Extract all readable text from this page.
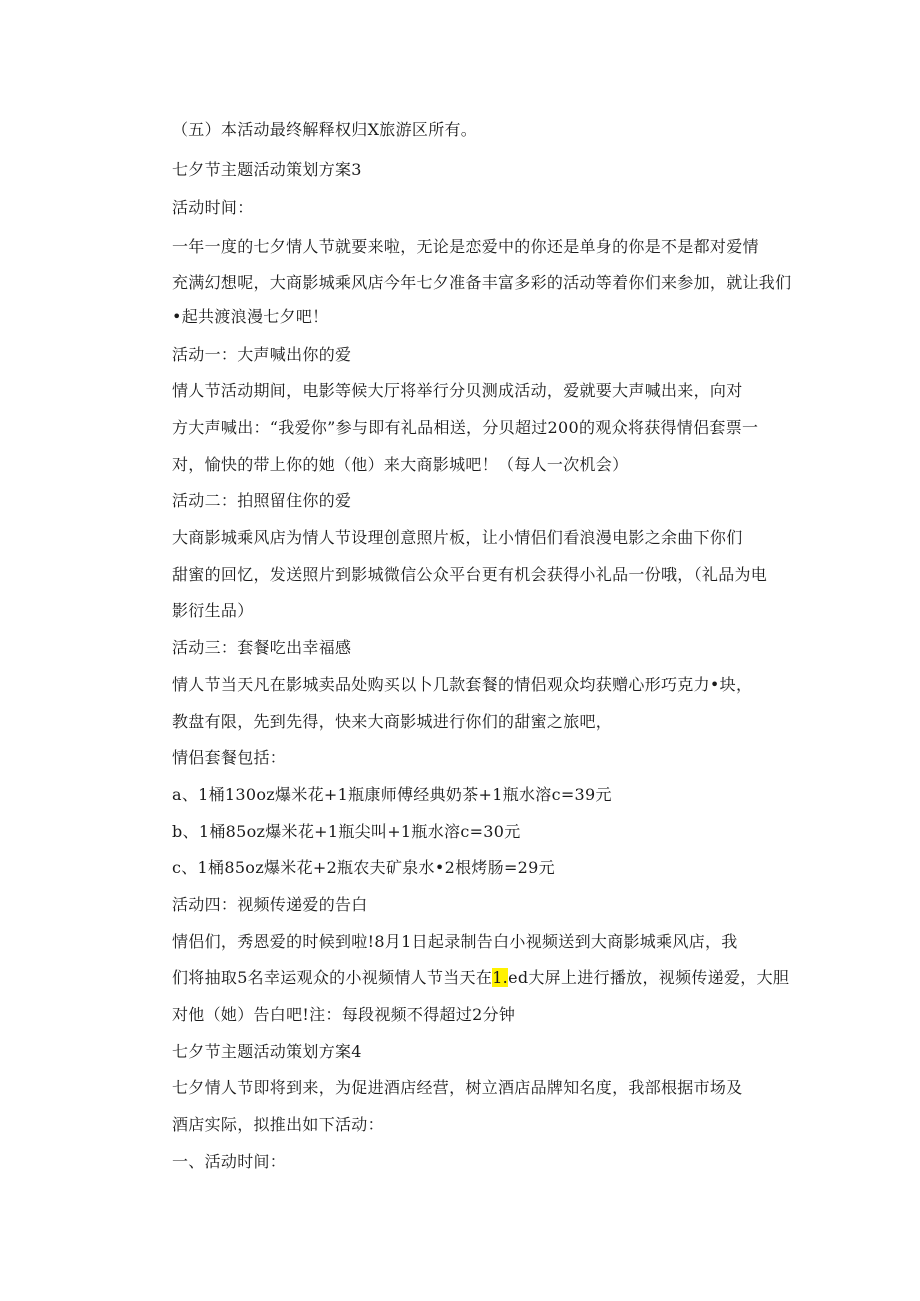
（五）本活动最终解释权归X旅游区所有。
七夕节主题活动策划方案3
活动时间：
一年一度的七夕情人节就要来啦，无论是恋爱中的你还是单身的你是不是都对爱情
充满幻想呢，大商影城乘风店今年七夕准备丰富多彩的活动等着你们来参加，就让我们
•起共渡浪漫七夕吧！
活动一：大声喊出你的爱
情人节活动期间，电影等候大厅将举行分贝测成活动，爱就要大声喊出来，向对
方大声喊出：“我爱你”参与即有礼品相送，分贝超过200的观众将获得情侣套票一
对，愉快的带上你的她（他）来大商影城吧！（每人一次机会）
活动二：拍照留住你的爱
大商影城乘风店为情人节设理创意照片板，让小情侣们看浪漫电影之余曲下你们
甜蜜的回忆，发送照片到影城微信公众平台更有机会获得小礼品一份哦，（礼品为电
影衍生品）
活动三：套餐吃出幸福感
情人节当天凡在影城卖品处购买以卜几款套餐的情侣观众均获赠心形巧克力•块，
教盘有限，先到先得，快来大商影城进行你们的甜蜜之旅吧，
情侣套餐包括：
a、1桶130oz爆米花+1瓶康师傅经典奶茶+1瓶水溶c=39元
b、1桶85oz爆米花+1瓶尖叫+1瓶水溶c=30元
c、1桶85oz爆米花+2瓶农夫矿泉水•2根烤肠=29元
活动四：视频传递爱的告白
情侣们，秀恩爱的时候到啦!8月1日起录制告白小视频送到大商影城乘风店，我
们将抽取5名幸运观众的小视频情人节当天在1.ed大屏上进行播放，视频传递爱，大胆
对他（她）告白吧!注：每段视频不得超过2分钟
七夕节主题活动策划方案4
七夕情人节即将到来，为促进酒店经营，树立酒店品牌知名度，我部根据市场及
酒店实际，拟推出如下活动：
一、活动时间：
